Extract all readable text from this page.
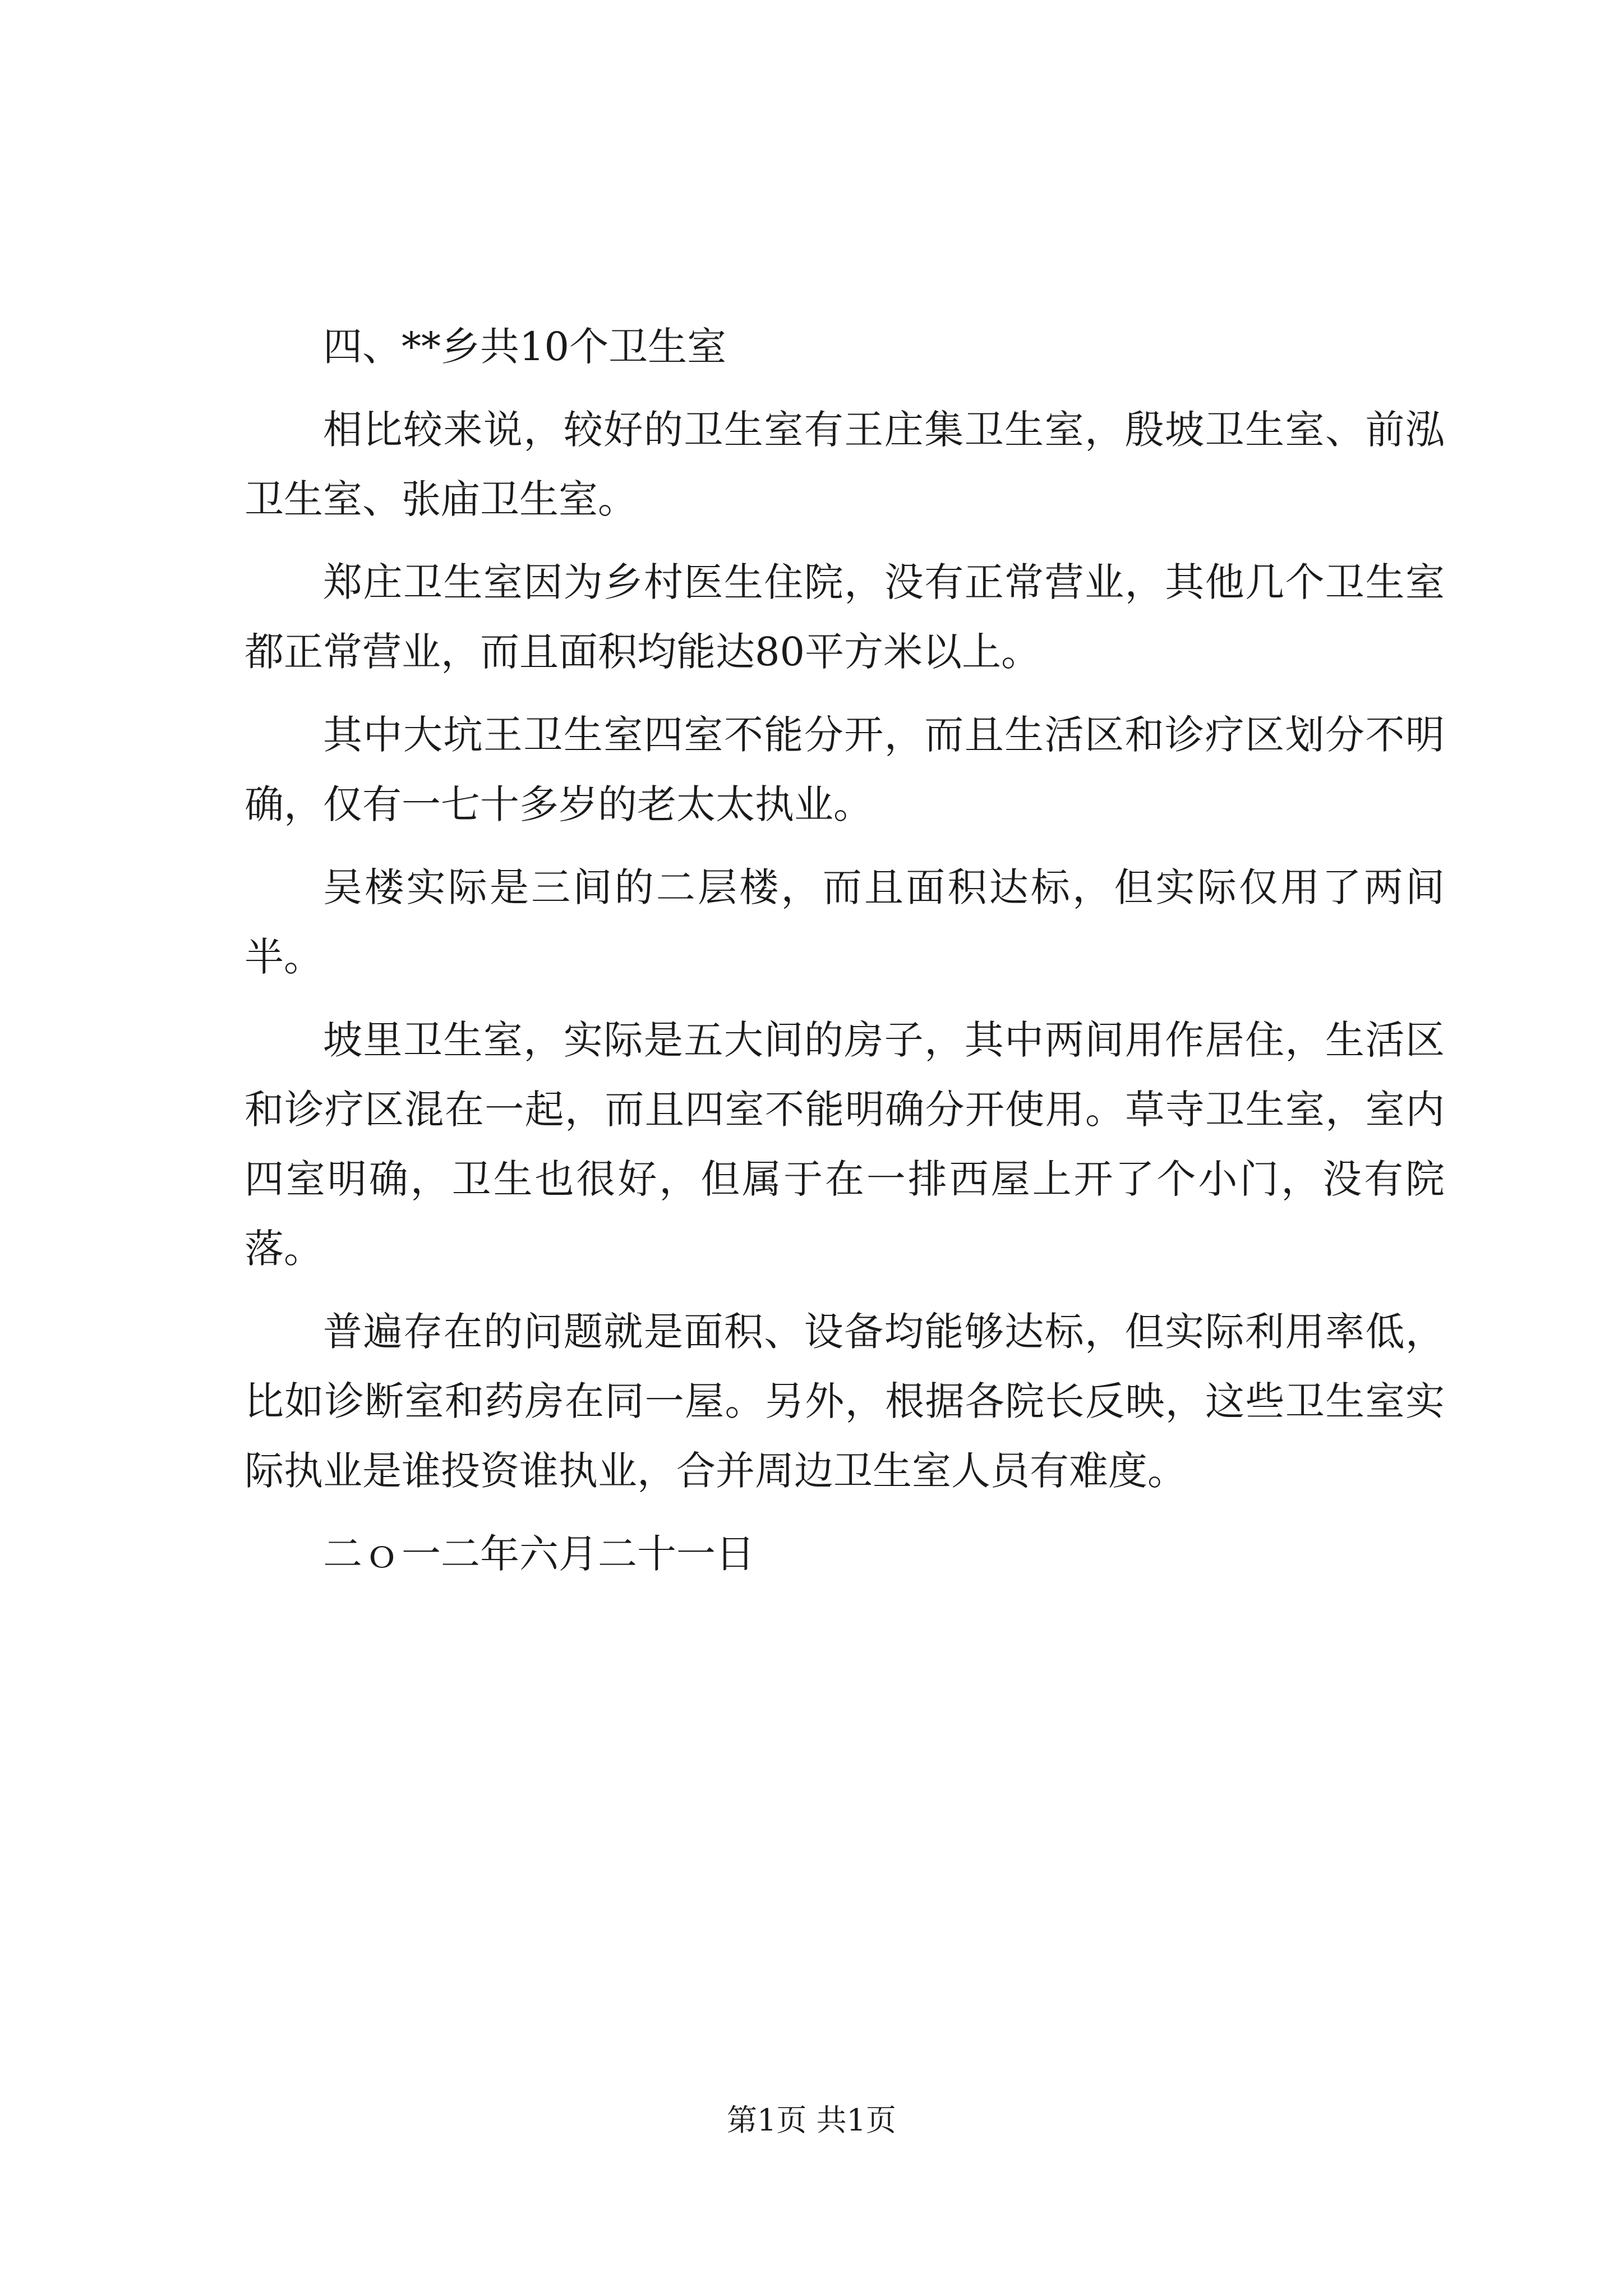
四、**乡共10个卫生室

相比较来说，较好的卫生室有王庄集卫生室，殷坡卫生室、前泓卫生室、张庙卫生室。

郑庄卫生室因为乡村医生住院，没有正常营业，其他几个卫生室都正常营业，而且面积均能达80平方米以上。

其中大坑王卫生室四室不能分开，而且生活区和诊疗区划分不明确，仅有一七十多岁的老太太执业。

吴楼实际是三间的二层楼，而且面积达标，但实际仅用了两间半。

坡里卫生室，实际是五大间的房子，其中两间用作居住，生活区和诊疗区混在一起，而且四室不能明确分开使用。草寺卫生室，室内四室明确，卫生也很好，但属于在一排西屋上开了个小门，没有院落。

普遍存在的问题就是面积、设备均能够达标，但实际利用率低，比如诊断室和药房在同一屋。另外，根据各院长反映，这些卫生室实际执业是谁投资谁执业，合并周边卫生室人员有难度。

二ｏ一二年六月二十一日

第1页 共1页
